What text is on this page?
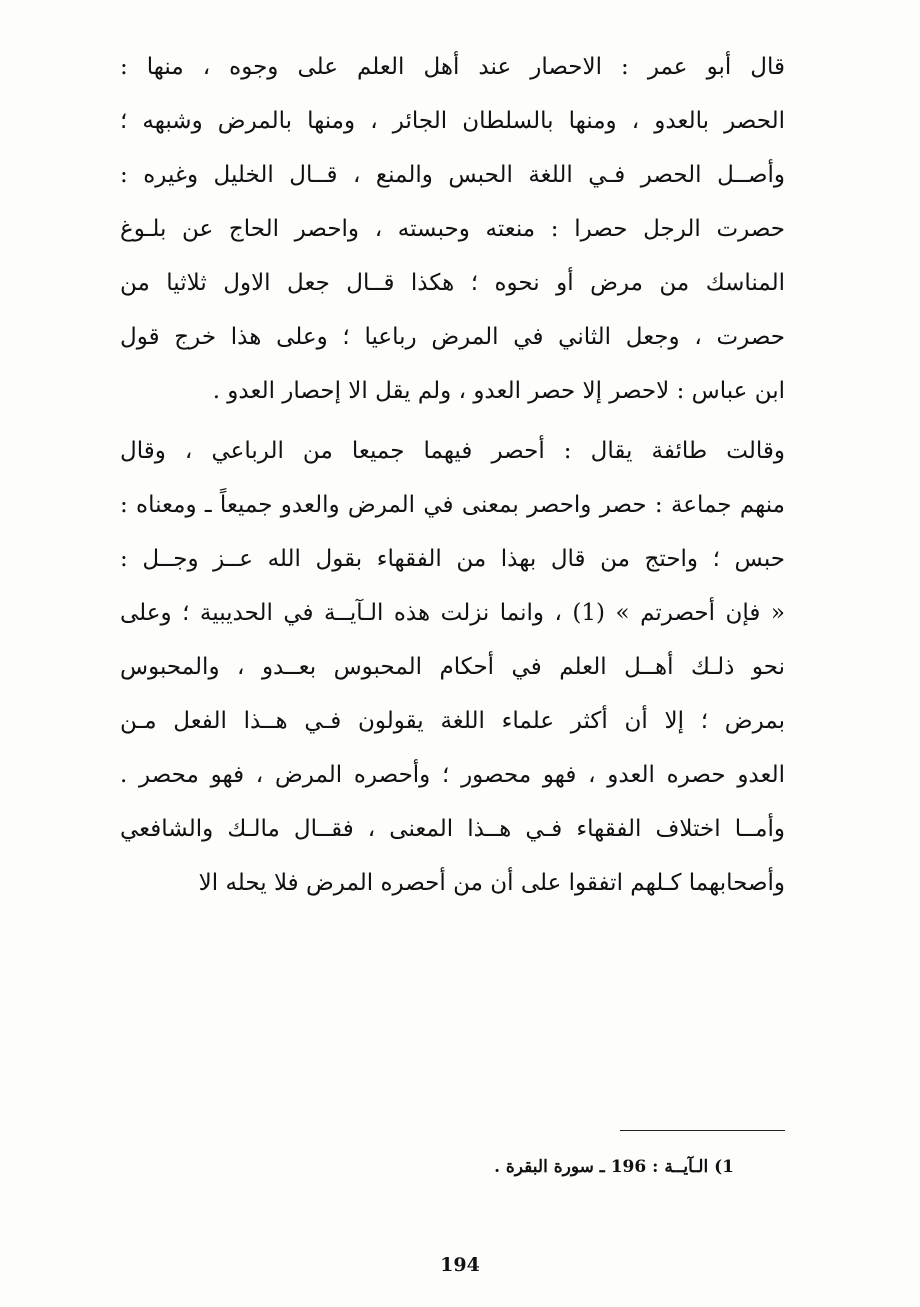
قال أبو عمر : الاحصار عند أهل العلم على وجوه ، منها :
الحصر بالعدو ، ومنها بالسلطان الجائر ، ومنها بالمرض وشبهه ؛
وأصــل الحصر فـي اللغة الحبس والمنع ، قــال الخليل وغيره :
حصرت الرجل حصرا : منعته وحبسته ، واحصر الحاج عن بلـوغ
المناسك من مرض أو نحوه ؛ هكذا قــال جعل الاول ثلاثيا من
حصرت ، وجعل الثاني في المرض رباعيا ؛ وعلى هذا خرج قول
ابن عباس : لاحصر إلا حصر العدو ، ولم يقل الا إحصار العدو .
وقالت طائفة يقال : أحصر فيهما جميعا من الرباعي ، وقال
منهم جماعة : حصر واحصر بمعنى في المرض والعدو جميعاً ـ ومعناه :
حبس ؛ واحتج من قال بهذا من الفقهاء بقول الله عــز وجــل :
« فإن أحصرتم » (1) ، وانما نزلت هذه الـآيــة في الحديبية ؛ وعلى
نحو ذلـك أهــل العلم في أحكام المحبوس بعــدو ، والمحبوس
بمرض ؛ إلا أن أكثر علماء اللغة يقولون فـي هــذا الفعل مـن
العدو حصره العدو ، فهو محصور ؛ وأحصره المرض ، فهو محصر .
وأمــا اختلاف الفقهاء فـي هــذا المعنى ، فقــال مالـك والشافعي
وأصحابهما كـلهم اتفقوا على أن من أحصره المرض فلا يحله الا
1) الـآيــة : 196 ـ سورة البقرة .
194
